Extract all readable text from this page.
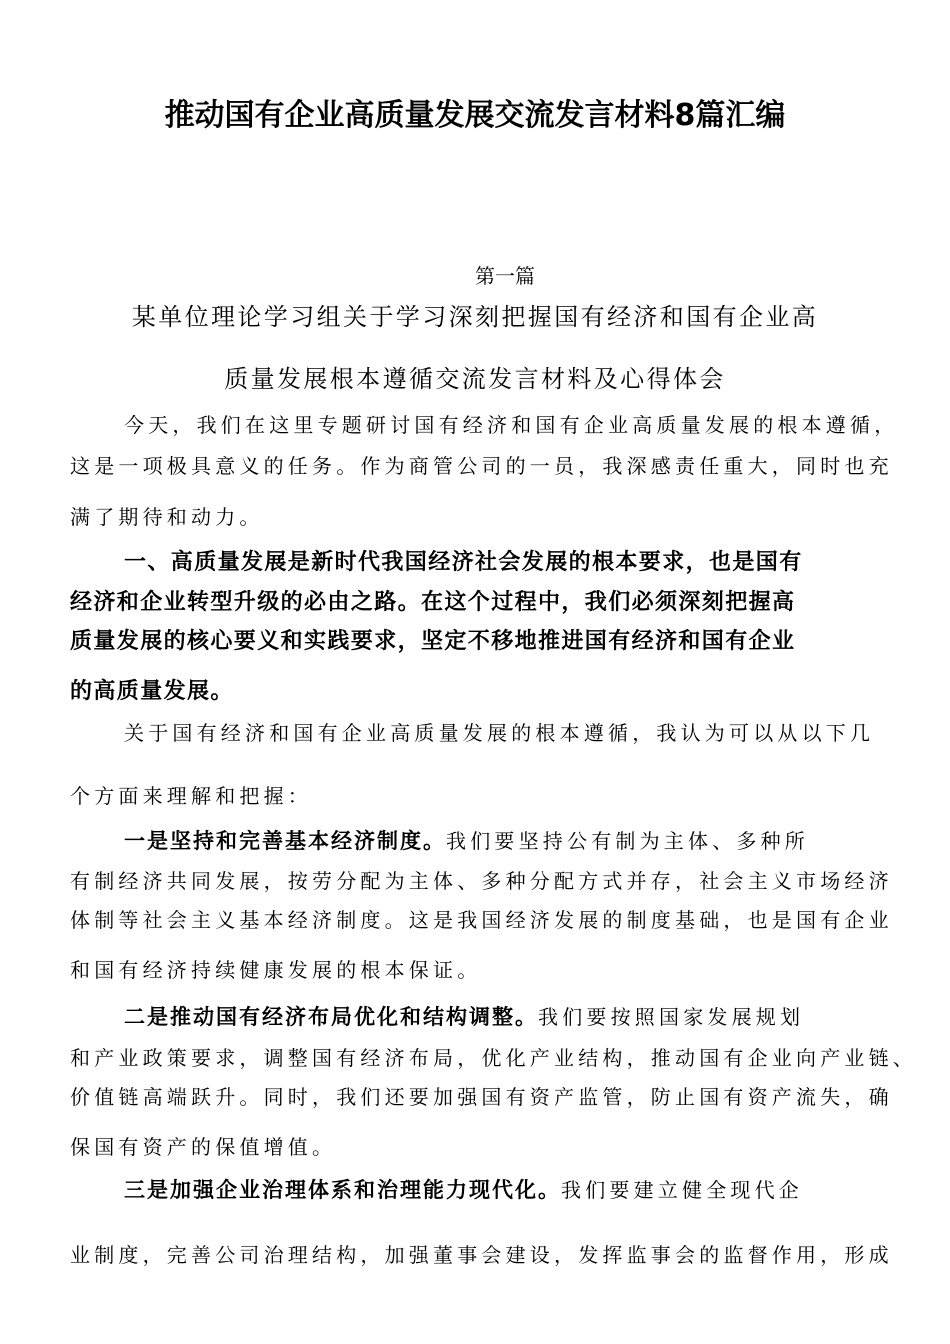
推动国有企业高质量发展交流发言材料8篇汇编
第一篇
某单位理论学习组关于学习深刻把握国有经济和国有企业高
质量发展根本遵循交流发言材料及心得体会
今天，我们在这里专题研讨国有经济和国有企业高质量发展的根本遵循，
这是一项极具意义的任务。作为商管公司的一员，我深感责任重大，同时也充
满了期待和动力。
一、高质量发展是新时代我国经济社会发展的根本要求，也是国有
经济和企业转型升级的必由之路。在这个过程中，我们必须深刻把握高
质量发展的核心要义和实践要求，坚定不移地推进国有经济和国有企业
的高质量发展。
关于国有经济和国有企业高质量发展的根本遵循，我认为可以从以下几
个方面来理解和把握：
一是坚持和完善基本经济制度。我们要坚持公有制为主体、多种所
有制经济共同发展，按劳分配为主体、多种分配方式并存，社会主义市场经济
体制等社会主义基本经济制度。这是我国经济发展的制度基础，也是国有企业
和国有经济持续健康发展的根本保证。
二是推动国有经济布局优化和结构调整。我们要按照国家发展规划
和产业政策要求，调整国有经济布局，优化产业结构，推动国有企业向产业链、
价值链高端跃升。同时，我们还要加强国有资产监管，防止国有资产流失，确
保国有资产的保值增值。
三是加强企业治理体系和治理能力现代化。我们要建立健全现代企
业制度，完善公司治理结构，加强董事会建设，发挥监事会的监督作用，形成
